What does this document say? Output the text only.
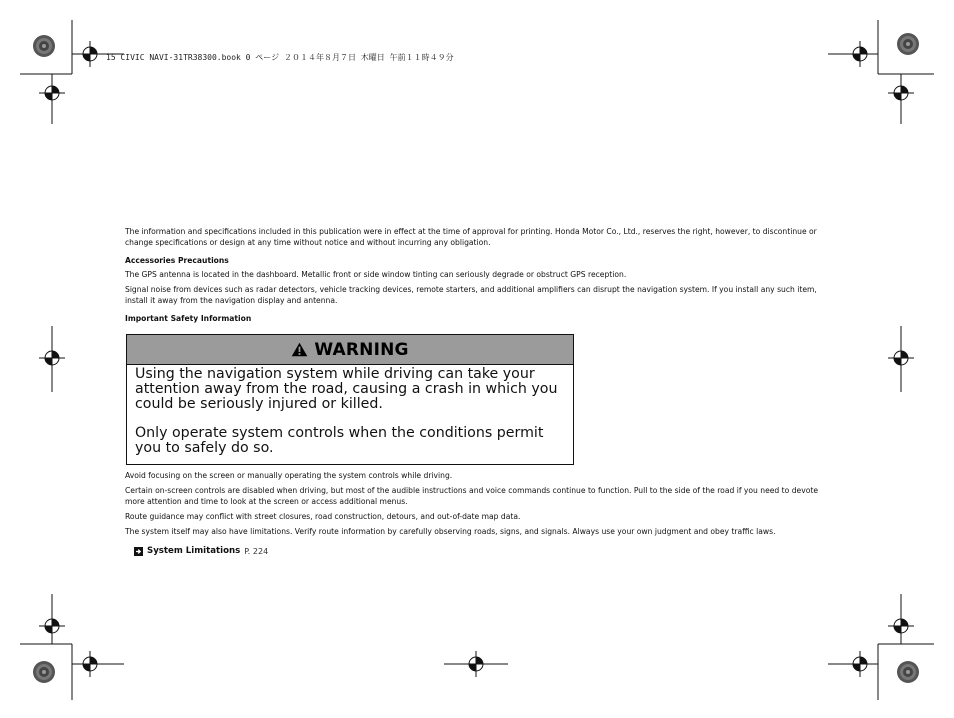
15 CIVIC NAVI-31TR38300.book 0 ページ ２０１４年８月７日 木曜日 午前１１時４９分

The information and specifications included in this publication were in effect at the time of approval for printing. Honda Motor Co., Ltd., reserves the right, however, to discontinue or change specifications or design at any time without notice and without incurring any obligation.

Accessories Precautions

The GPS antenna is located in the dashboard. Metallic front or side window tinting can seriously degrade or obstruct GPS reception.

Signal noise from devices such as radar detectors, vehicle tracking devices, remote starters, and additional amplifiers can disrupt the navigation system. If you install any such item, install it away from the navigation display and antenna.

Important Safety Information

WARNING

Using the navigation system while driving can take your attention away from the road, causing a crash in which you could be seriously injured or killed.

Only operate system controls when the conditions permit you to safely do so.

Avoid focusing on the screen or manually operating the system controls while driving.

Certain on-screen controls are disabled when driving, but most of the audible instructions and voice commands continue to function. Pull to the side of the road if you need to devote more attention and time to look at the screen or access additional menus.

Route guidance may conflict with street closures, road construction, detours, and out-of-date map data.

The system itself may also have limitations. Verify route information by carefully observing roads, signs, and signals. Always use your own judgment and obey traffic laws.

System Limitations P. 224
